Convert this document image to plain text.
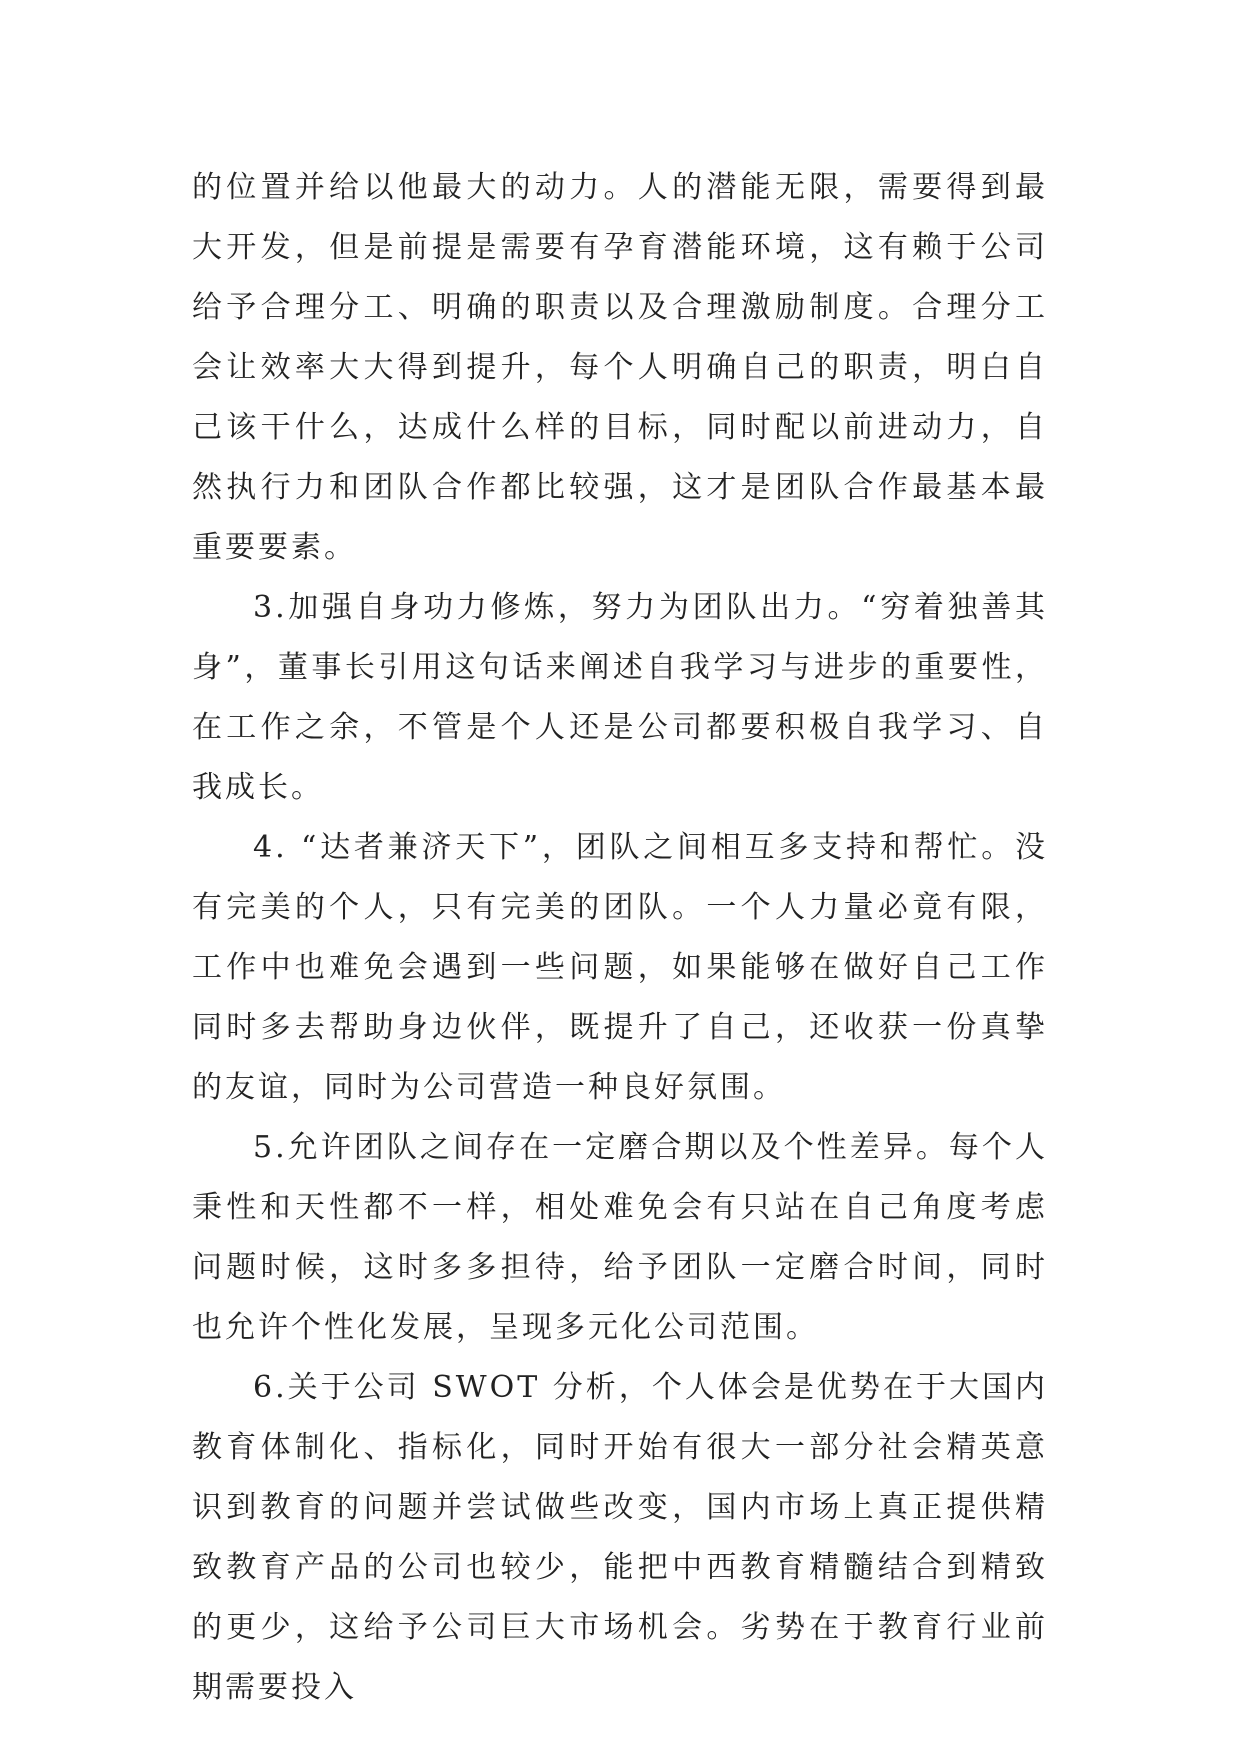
的位置并给以他最大的动力。人的潜能无限，需要得到最大开发，但是前提是需要有孕育潜能环境，这有赖于公司给予合理分工、明确的职责以及合理激励制度。合理分工会让效率大大得到提升，每个人明确自己的职责，明白自己该干什么，达成什么样的目标，同时配以前进动力，自然执行力和团队合作都比较强，这才是团队合作最基本最重要要素。

3.加强自身功力修炼，努力为团队出力。“穷着独善其身”，董事长引用这句话来阐述自我学习与进步的重要性，在工作之余，不管是个人还是公司都要积极自我学习、自我成长。

4. “达者兼济天下”，团队之间相互多支持和帮忙。没有完美的个人，只有完美的团队。一个人力量必竟有限，工作中也难免会遇到一些问题，如果能够在做好自己工作同时多去帮助身边伙伴，既提升了自己，还收获一份真挚的友谊，同时为公司营造一种良好氛围。

5.允许团队之间存在一定磨合期以及个性差异。每个人秉性和天性都不一样，相处难免会有只站在自己角度考虑问题时候，这时多多担待，给予团队一定磨合时间，同时也允许个性化发展，呈现多元化公司范围。

6.关于公司 SWOT 分析，个人体会是优势在于大国内教育体制化、指标化，同时开始有很大一部分社会精英意识到教育的问题并尝试做些改变，国内市场上真正提供精致教育产品的公司也较少，能把中西教育精髓结合到精致的更少，这给予公司巨大市场机会。劣势在于教育行业前期需要投入
